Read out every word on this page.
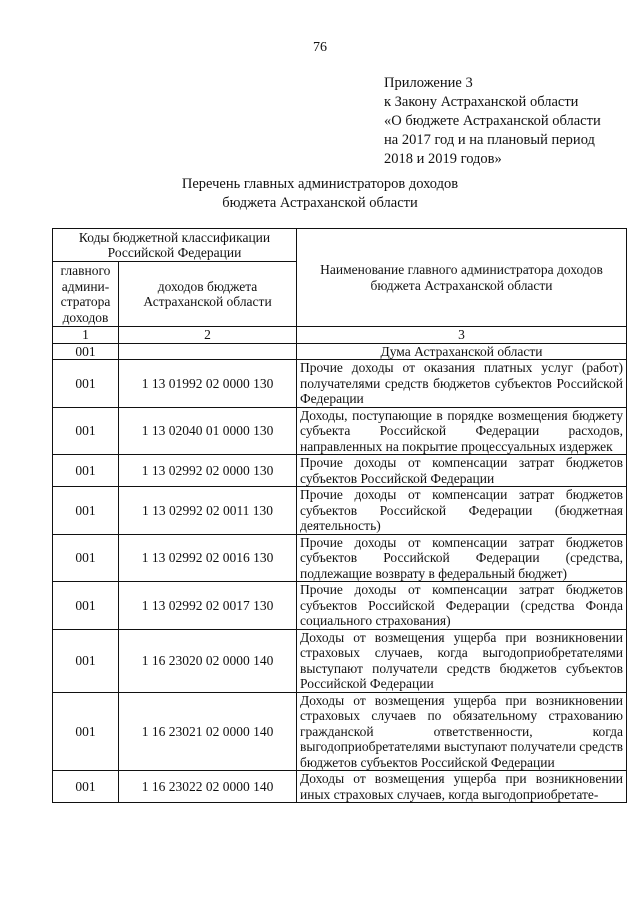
76
Приложение 3
к Закону Астраханской области
«О бюджете Астраханской области
на 2017 год и на плановый период
2018 и 2019 годов»
Перечень главных администраторов доходов
бюджета Астраханской области
Коды бюджетной классификации Российской Федерации		Наименование главного администратора доходов бюджета Астраханской области
главного админи-стратора доходов	доходов бюджета Астраханской области	
1	2	3
001		Дума Астраханской области
001	1 13 01992 02 0000 130	Прочие доходы от оказания платных услуг (работ) получателями средств бюджетов субъектов Российской Федерации
001	1 13 02040 01 0000 130	Доходы, поступающие в порядке возмещения бюджету субъекта Российской Федерации расходов, направленных на покрытие процессуальных издержек
001	1 13 02992 02 0000 130	Прочие доходы от компенсации затрат бюджетов субъектов Российской Федерации
001	1 13 02992 02 0011 130	Прочие доходы от компенсации затрат бюджетов субъектов Российской Федерации (бюджетная деятельность)
001	1 13 02992 02 0016 130	Прочие доходы от компенсации затрат бюджетов субъектов Российской Федерации (средства, подлежащие возврату в федеральный бюджет)
001	1 13 02992 02 0017 130	Прочие доходы от компенсации затрат бюджетов субъектов Российской Федерации (средства Фонда социального страхования)
001	1 16 23020 02 0000 140	Доходы от возмещения ущерба при возникновении страховых случаев, когда выгодоприобретателями выступают получатели средств бюджетов субъектов Российской Федерации
001	1 16 23021 02 0000 140	Доходы от возмещения ущерба при возникновении страховых случаев по обязательному страхованию гражданской ответственности, когда выгодоприобретателями выступают получатели средств бюджетов субъектов Российской Федерации
001	1 16 23022 02 0000 140	Доходы от возмещения ущерба при возникновении иных страховых случаев, когда выгодоприобретате-
